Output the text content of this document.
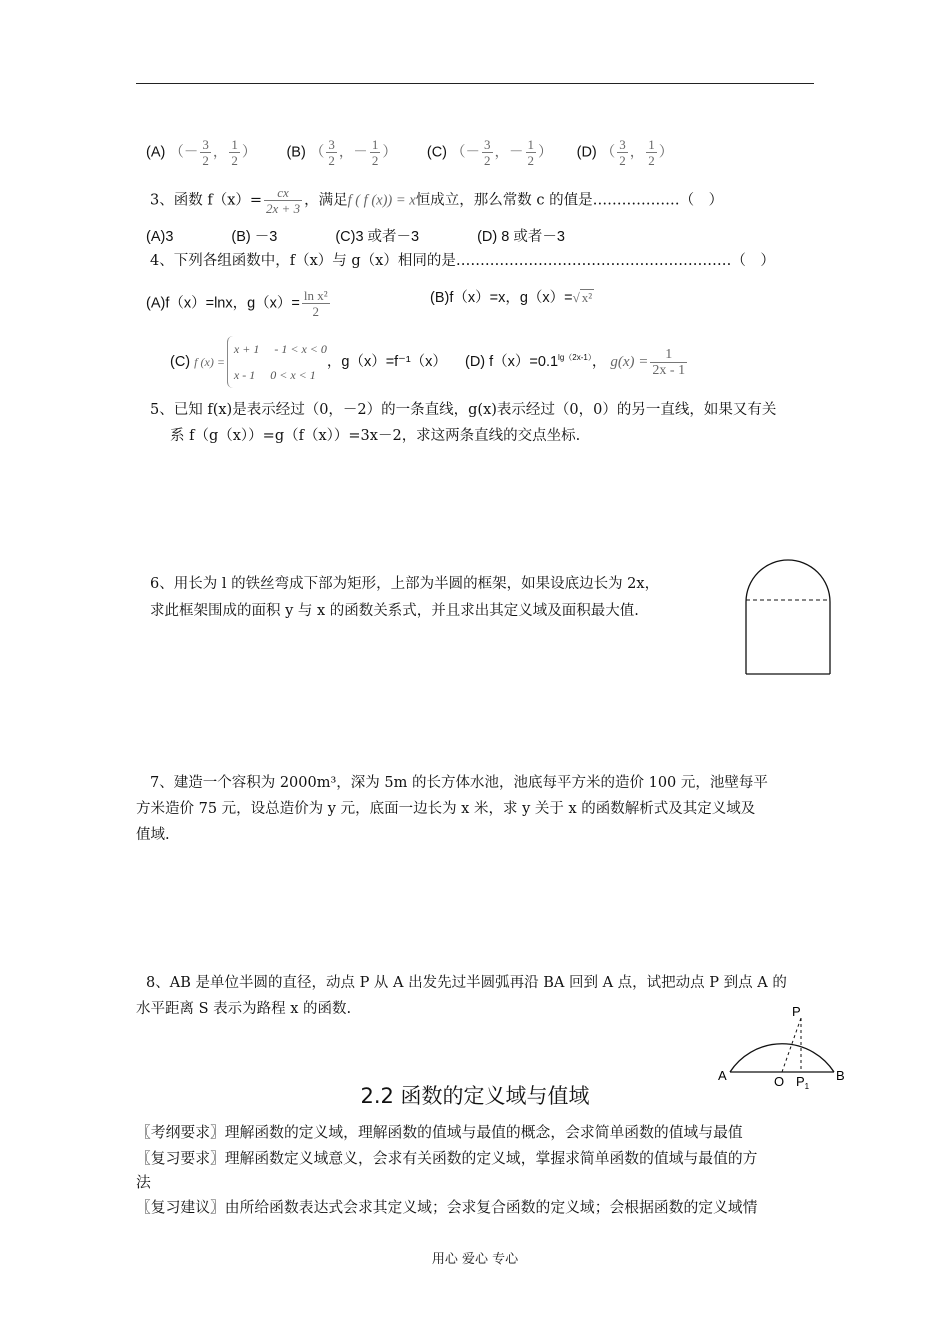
(A) （－ $\frac{3}{2}$ ， $\frac{1}{2}$ ） (B) （ $\frac{3}{2}$ ，－ $\frac{1}{2}$ ） (C) （－ $\frac{3}{2}$ ，－ $\frac{1}{2}$ ） (D) （ $\frac{3}{2}$ ， $\frac{1}{2}$ ）
3、函数 $f(x)= \frac{cx}{2x + 3}$ ，满足f ( f (x)) = x恒成立，那么常数 c 的值是………………（　）
(A)3　　　　(B) －3　　　　(C)3 或者－3　　　　(D) 8 或者－3
4、下列各组函数中，f（x）与 g（x）相同的是…………………………………………………（　）
(A)f（x）=lnx，$g(x)= \frac{\text{ln x²}}{2}$	(B)f（x）=x，g（x）=√ x²
(C) f (x) =
x + 1　 - 1 < x < 0
x - 1　 0 < x < 1
，g（x）=f⁻¹（x） (D) $f(x)=0.1^{lg(2x-1)}$， $g(x) = \frac{1}{2x - 1}$
5、已知 f(x)是表示经过（0，－2）的一条直线，g(x)表示经过（0，0）的另一直线，如果又有关
系 f（g（x））=g（f（x））=3x－2，求这两条直线的交点坐标.
6、用长为 l 的铁丝弯成下部为矩形，上部为半圆的框架，如果设底边长为 2x，
求此框架围成的面积 y 与 x 的函数关系式，并且求出其定义域及面积最大值.
7、建造一个容积为 2000m³，深为 5m 的长方体水池，池底每平方米的造价 100 元，池壁每平
方米造价 75 元，设总造价为 y 元，底面一边长为 x 米，求 y 关于 x 的函数解析式及其定义域及
值域.
8、AB 是单位半圆的直径，动点 P 从 A 出发先过半圆弧再沿 BA 回到 A 点，试把动点 P 到点 A 的
水平距离 S 表示为路程 x 的函数.	P
A	O $P_1$
B
2.2 函数的定义域与值域
〖考纲要求〗理解函数的定义域，理解函数的值域与最值的概念，会求简单函数的值域与最值
〖复习要求〗理解函数定义域意义，会求有关函数的定义域，掌握求简单函数的值域与最值的方
法
〖复习建议〗由所给函数表达式会求其定义域；会求复合函数的定义域；会根据函数的定义域情
用心 爱心 专心
